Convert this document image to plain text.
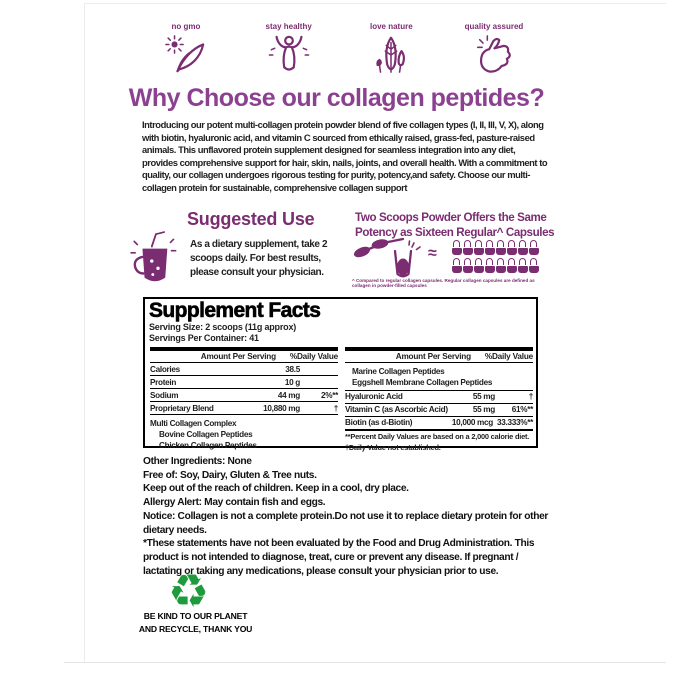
no gmo	stay healthy	love nature	quality assured
Why Choose our collagen peptides?
Introducing our potent multi-collagen protein powder blend of five collagen types (I, II, III, V, X), along with biotin, hyaluronic acid, and vitamin C sourced from ethically raised, grass-fed, pasture-raised animals. This unflavored protein supplement designed for seamless integration into any diet, provides comprehensive support for hair, skin, nails, joints, and overall health. With a commitment to quality, our collagen undergoes rigorous testing for purity, potency,and safety. Choose our multi-collagen protein for sustainable, comprehensive collagen support
Suggested Use
As a dietary supplement, take 2 scoops daily. For best results, please consult your physician.
Two Scoops Powder Offers the Same
Potency as Sixteen Regular^ Capsules
≈
^ Compared to regular collagen capsules. Regular collagen capsules are defined as collagen in powder-filled capsules
Supplement Facts
Serving Size: 2 scoops (11g approx)
Servings Per Container: 41
Amount Per Serving %Daily Value
Calories	38.5
Protein	10 g
Sodium	44 mg	2%**
Proprietary Blend	10,880 mg	†
Multi Collagen Complex
Bovine Collagen Peptides
Chicken Collagen Peptides
Amount Per Serving %Daily Value
Marine Collagen Peptides
Eggshell Membrane Collagen Peptides
Hyaluronic Acid	55 mg	†
Vitamin C (as Ascorbic Acid)	55 mg	61%**
Biotin (as d-Biotin)	10,000 mcg 33.333%**
**Percent Daily Values are based on a 2,000 calorie diet.
†Daily Value not established.
Other Ingredients: None
Free of: Soy, Dairy, Gluten & Tree nuts.
Keep out of the reach of children. Keep in a cool, dry place.
Allergy Alert: May contain fish and eggs.
Notice: Collagen is not a complete protein.Do not use it to replace dietary protein for other dietary needs.
*These statements have not been evaluated by the Food and Drug Administration. This product is not intended to diagnose, treat, cure or prevent any disease. If pregnant / lactating or taking any medications, please consult your physician prior to use.
♻
BE KIND TO OUR PLANET
AND RECYCLE, THANK YOU
